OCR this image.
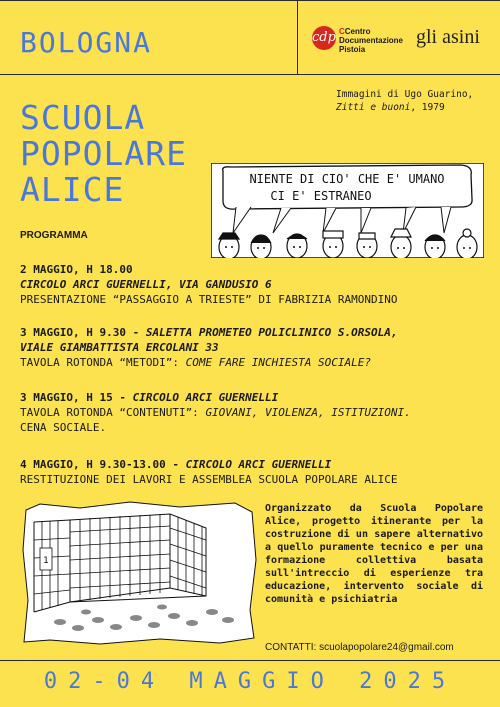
BOLOGNA	cdp CCentro
Documentazione
Pistoia
gli asini
SCUOLA
POPOLARE
ALICE
Immagini di Ugo Guarino,
Zitti e buoni, 1979
NIENTE DI CIO' CHE E' UMANO
CI E' ESTRANEO
PROGRAMMA
2 MAGGIO, H 18.00
CIRCOLO ARCI GUERNELLI, VIA GANDUSIO 6
PRESENTAZIONE “PASSAGGIO A TRIESTE” DI FABRIZIA RAMONDINO
3 MAGGIO, H 9.30 - SALETTA PROMETEO POLICLINICO S.ORSOLA,
VIALE GIAMBATTISTA ERCOLANI 33
TAVOLA ROTONDA “METODI”: COME FARE INCHIESTA SOCIALE?
3 MAGGIO, H 15 - CIRCOLO ARCI GUERNELLI
TAVOLA ROTONDA “CONTENUTI”: GIOVANI, VIOLENZA, ISTITUZIONI.
CENA SOCIALE.
4 MAGGIO, H 9.30-13.00 - CIRCOLO ARCI GUERNELLI
RESTITUZIONE DEI LAVORI E ASSEMBLEA SCUOLA POPOLARE ALICE
1
Organizzato da Scuola Popolare Alice, progetto itinerante per la costruzione di un sapere alternativo a quello puramente tecnico e per una formazione collettiva basata sull'intreccio di esperienze tra educazione, intervento sociale di comunità e psichiatria
CONTATTI: scuolapopolare24@gmail.com
02-04 MAGGIO 2025
